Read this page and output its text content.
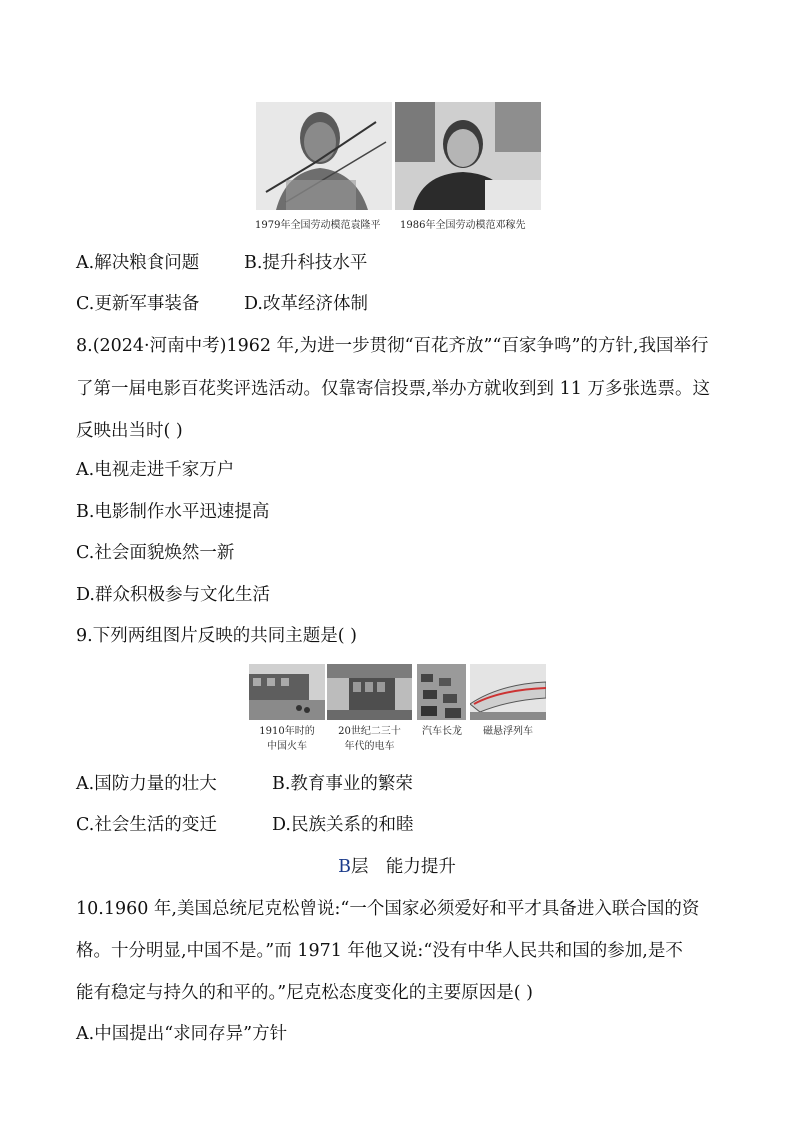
1979年全国劳动模范袁隆平	1986年全国劳动模范邓稼先
A.解决粮食问题	B.提升科技水平
C.更新军事装备	D.改革经济体制
8.(2024·河南中考)1962 年,为进一步贯彻“百花齐放”“百家争鸣”的方针,我国举行
了第一届电影百花奖评选活动。仅靠寄信投票,举办方就收到到 11 万多张选票。这
反映出当时( )
A.电视走进千家万户
B.电影制作水平迅速提高
C.社会面貌焕然一新
D.群众积极参与文化生活
9.下列两组图片反映的共同主题是( )
1910年时的
中国火车
20世纪二三十
年代的电车
汽车长龙	磁悬浮列车
A.国防力量的壮大	B.教育事业的繁荣
C.社会生活的变迁	D.民族关系的和睦
B层　能力提升
10.1960 年,美国总统尼克松曾说:“一个国家必须爱好和平才具备进入联合国的资
格。十分明显,中国不是。”而 1971 年他又说:“没有中华人民共和国的参加,是不
能有稳定与持久的和平的。”尼克松态度变化的主要原因是( )
A.中国提出“求同存异”方针
